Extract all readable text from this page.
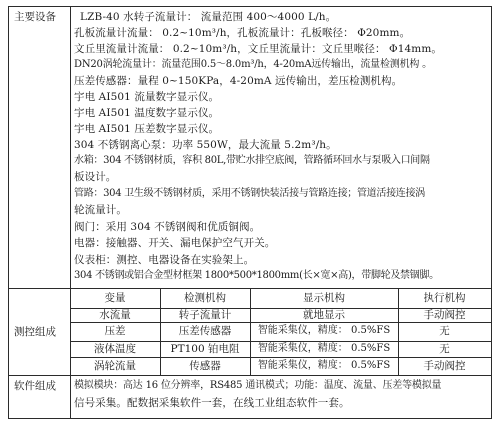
主要设备 LZB-40 水转子流量计： 流量范围 400～4000 L/h。
孔板流量计流量： 0.2~10m³/h，孔板流量计：孔板喉径： Φ20mm。
文丘里流量计流量： 0.2~10m³/h，文丘里流量计：文丘里喉径： Φ14mm。
DN20涡轮流量计：流量范围0.5～8.0m³/h，4-20mA远传输出，流量检测机构 。
压差传感器：量程 0~150KPa，4-20mA 远传输出，差压检测机构。
宇电 AI501 流量数字显示仪。
宇电 AI501 温度数字显示仪。
宇电 AI501 压差数字显示仪。
304 不锈钢离心泵：功率 550W，最大流量 5.2m³/h。
水箱：304 不锈钢材质，容积 80L,带贮水排空底阀，管路循环回水与泵吸入口间隔
板设计。
管路：304 卫生级不锈钢材质，采用不锈钢快装活接与管路连接；管道活接连接涡
轮流量计。
阀门：采用 304 不锈钢阀和优质铜阀。
电器：接触器、开关、漏电保护空气开关。
仪表柜：测控、电器设备在实验架上。
304 不锈钢或铝合金型材框架 1800*500*1800mm(长×宽×高)，带脚轮及禁锢脚。
测控组成
变量	检测机构	显示机构	执行机构
水流量	转子流量计	就地显示	手动阀控
压差	压差传感器	智能采集仪，精度： 0.5%FS	无
液体温度	PT100 铂电阻	智能采集仪，精度： 0.5%FS	无
涡轮流量	传感器	智能采集仪，精度： 0.5%FS	手动阀控
软件组成 模拟模块：高达 16 位分辨率，RS485 通讯模式；功能：温度、流量、压差等模拟量
信号采集。配数据采集软件一套，在线工业组态软件一套。
